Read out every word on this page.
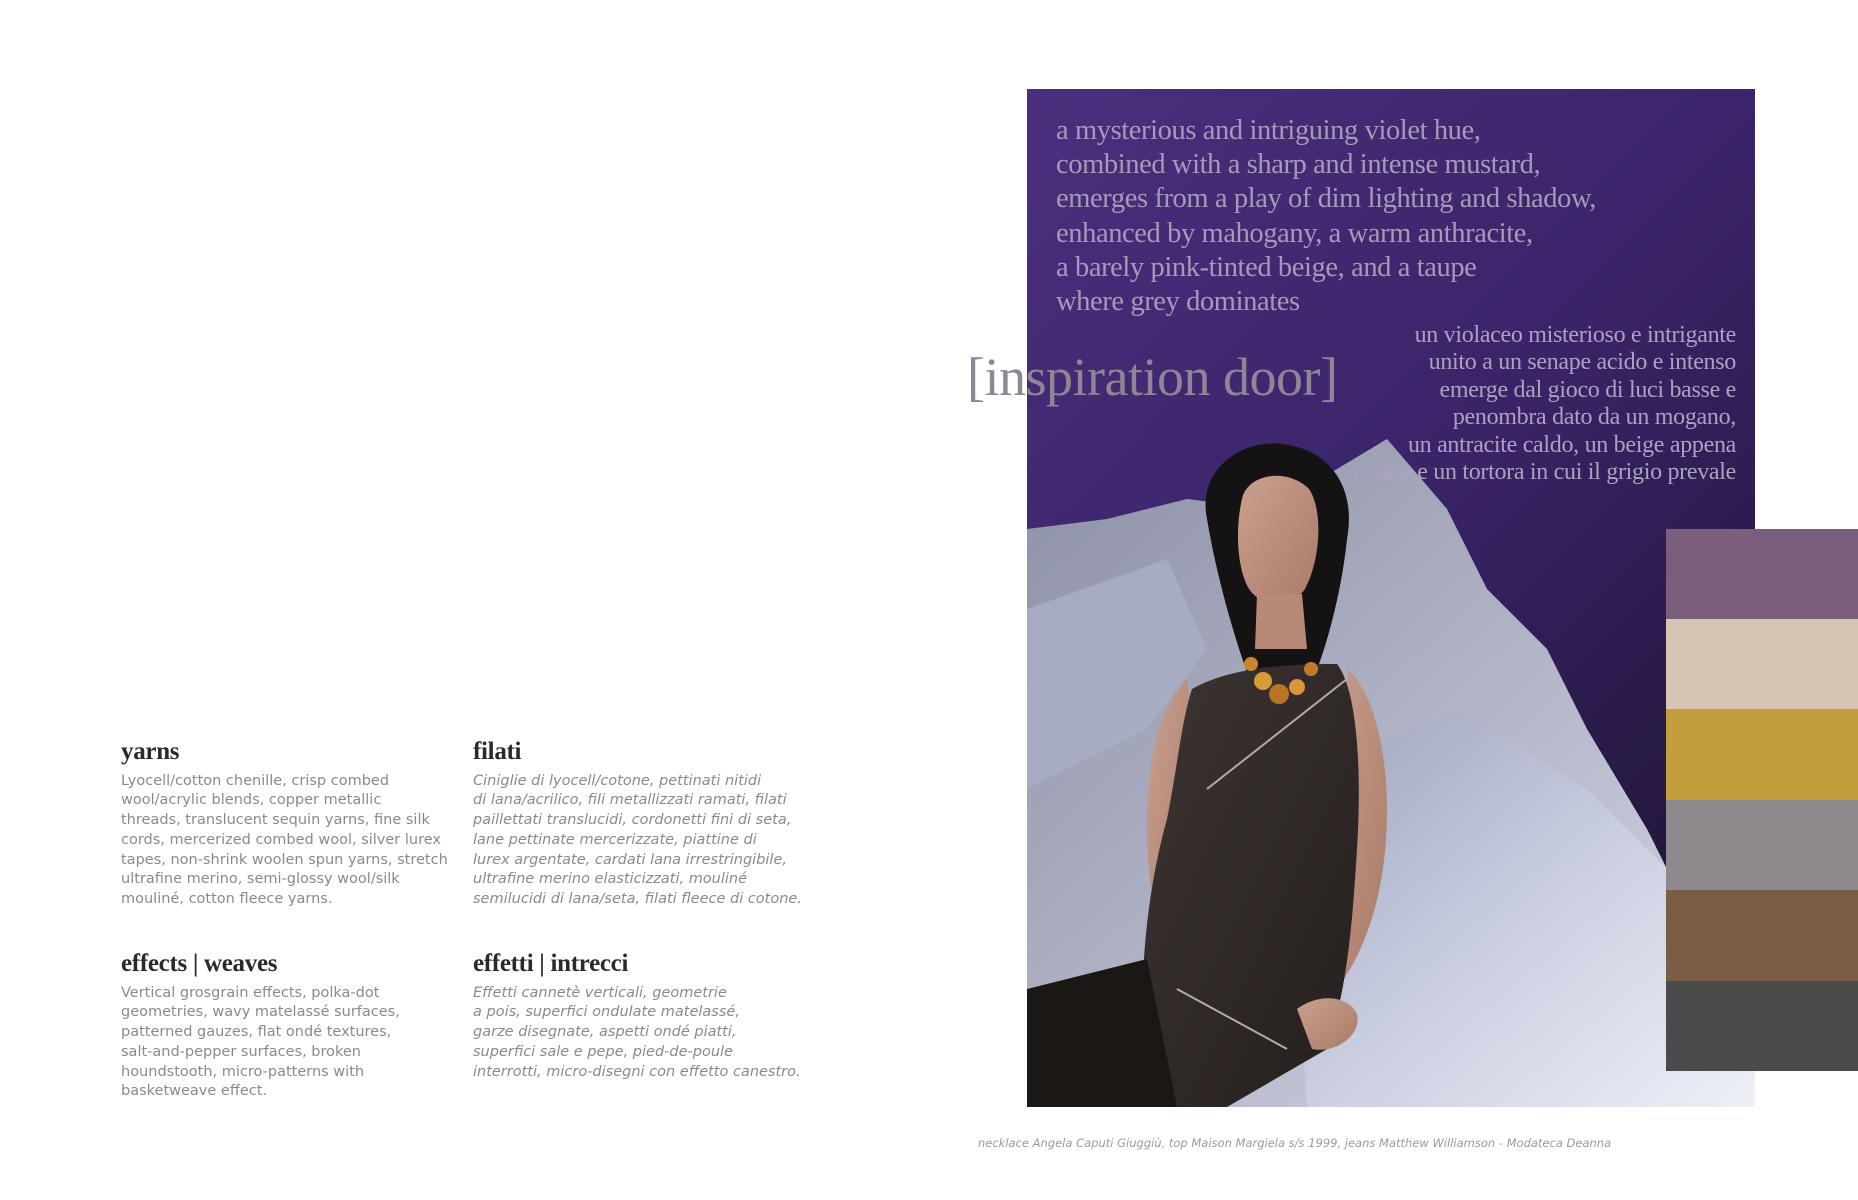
yarns

Lyocell/cotton chenille, crisp combed
wool/acrylic blends, copper metallic
threads, translucent sequin yarns, fine silk
cords, mercerized combed wool, silver lurex
tapes, non-shrink woolen spun yarns, stretch
ultrafine merino, semi-glossy wool/silk
mouliné, cotton fleece yarns.

filati

Ciniglie di lyocell/cotone, pettinati nitidi
di lana/acrilico, fili metallizzati ramati, filati
paillettati translucidi, cordonetti fini di seta,
lane pettinate mercerizzate, piattine di
lurex argentate, cardati lana irrestringibile,
ultrafine merino elasticizzati, mouliné
semilucidi di lana/seta, filati fleece di cotone.

effects | weaves

Vertical grosgrain effects, polka-dot
geometries, wavy matelassé surfaces,
patterned gauzes, flat ondé textures,
salt-and-pepper surfaces, broken
houndstooth, micro-patterns with
basketweave effect.

effetti | intrecci

Effetti cannetè verticali, geometrie
a pois, superfici ondulate matelassé,
garze disegnate, aspetti ondé piatti,
superfici sale e pepe, pied-de-poule
interrotti, micro-disegni con effetto canestro.

a mysterious and intriguing violet hue,
combined with a sharp and intense mustard,
emerges from a play of dim lighting and shadow,
enhanced by mahogany, a warm anthracite,
a barely pink-tinted beige, and a taupe
where grey dominates
[inspiration door]
un violaceo misterioso e intrigante
unito a un senape acido e intenso
emerge dal gioco di luci basse e
penombra dato da un mogano,
un antracite caldo, un beige appena
rosato e un tortora in cui il grigio prevale
necklace Angela Caputi Giuggiù, top Maison Margiela s/s 1999, jeans Matthew Williamson - Modateca Deanna
